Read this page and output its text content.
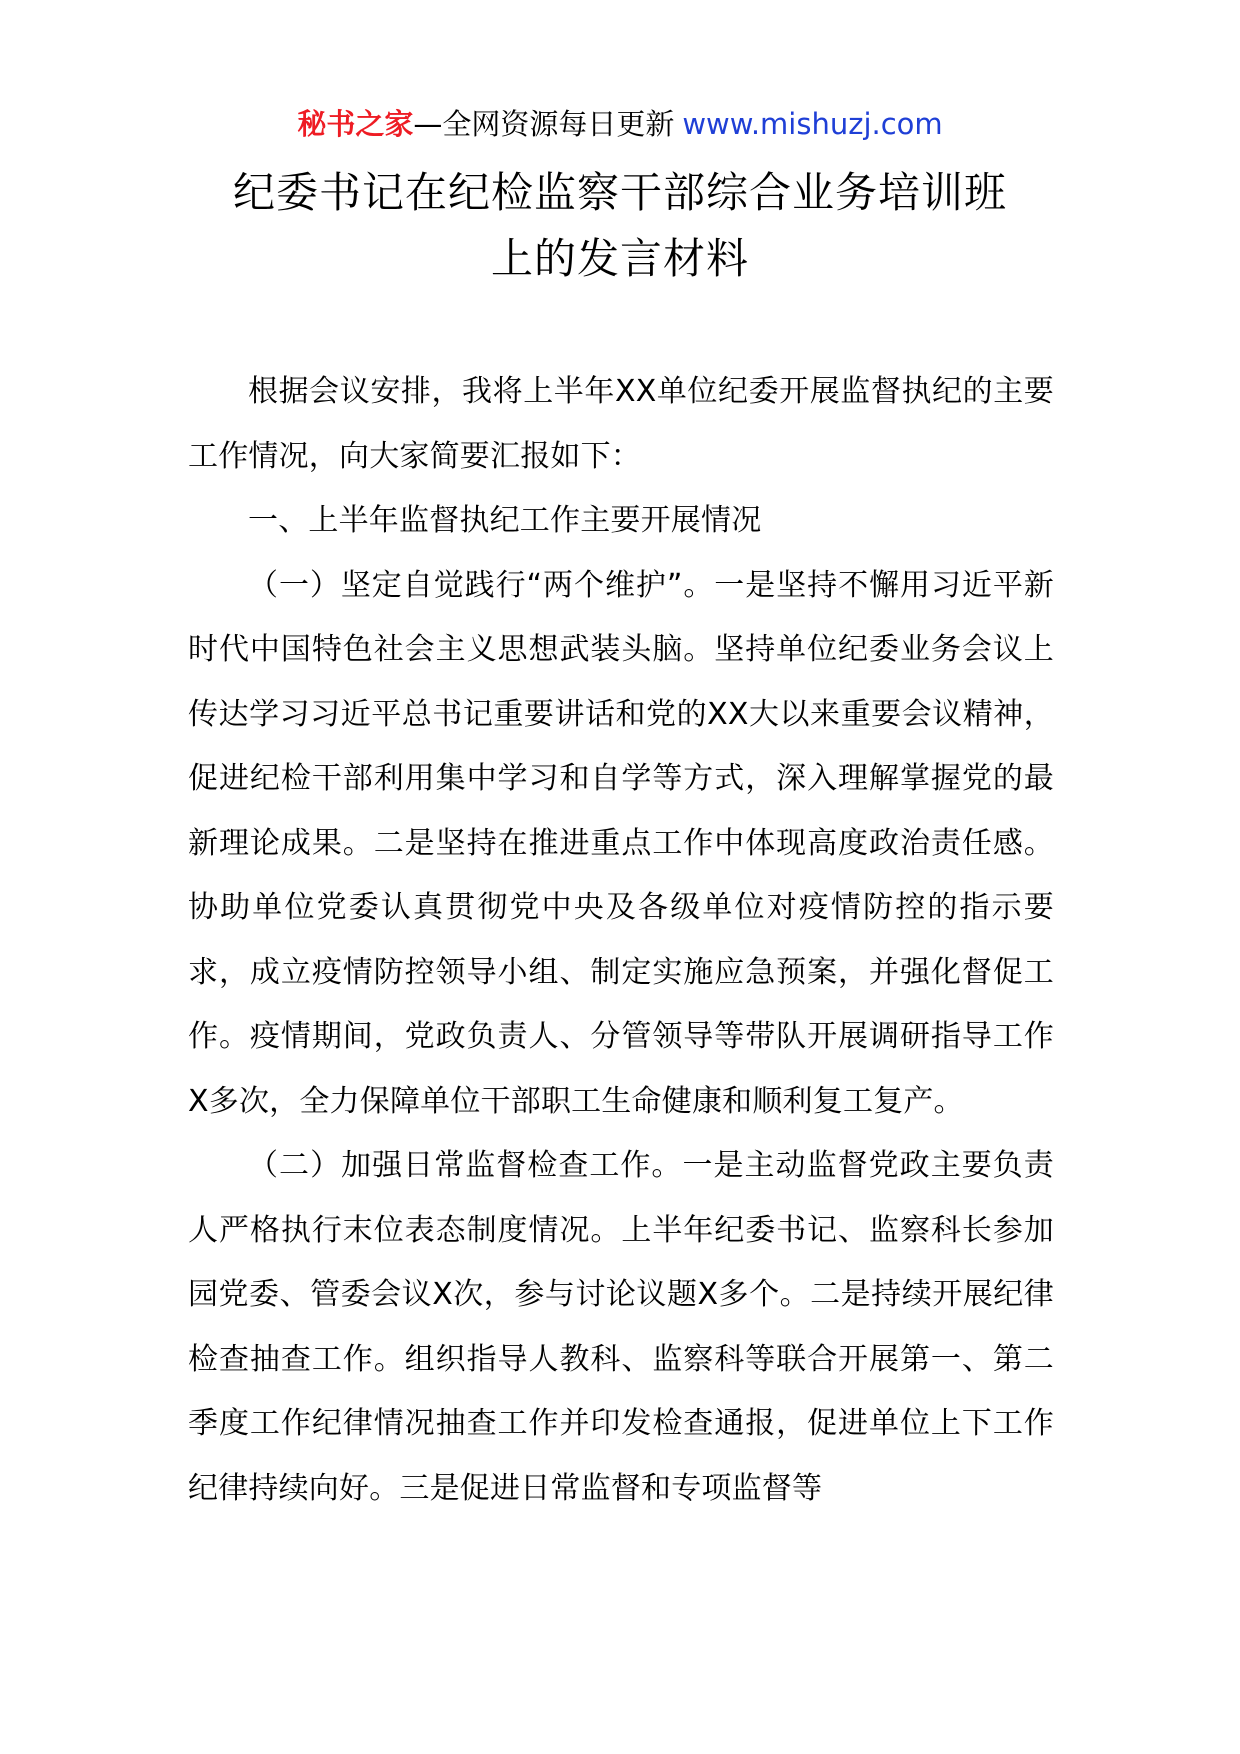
秘书之家—全网资源每日更新 www.mishuzj.com
纪委书记在纪检监察干部综合业务培训班
上的发言材料

根据会议安排，我将上半年XX单位纪委开展监督执纪的主要工作情况，向大家简要汇报如下：

一、上半年监督执纪工作主要开展情况

（一）坚定自觉践行“两个维护”。一是坚持不懈用习近平新时代中国特色社会主义思想武装头脑。坚持单位纪委业务会议上传达学习习近平总书记重要讲话和党的XX大以来重要会议精神，促进纪检干部利用集中学习和自学等方式，深入理解掌握党的最新理论成果。二是坚持在推进重点工作中体现高度政治责任感。协助单位党委认真贯彻党中央及各级单位对疫情防控的指示要求，成立疫情防控领导小组、制定实施应急预案，并强化督促工作。疫情期间，党政负责人、分管领导等带队开展调研指导工作X多次，全力保障单位干部职工生命健康和顺利复工复产。

（二）加强日常监督检查工作。一是主动监督党政主要负责人严格执行末位表态制度情况。上半年纪委书记、监察科长参加园党委、管委会议X次，参与讨论议题X多个。二是持续开展纪律检查抽查工作。组织指导人教科、监察科等联合开展第一、第二季度工作纪律情况抽查工作并印发检查通报，促进单位上下工作纪律持续向好。三是促进日常监督和专项监督等
